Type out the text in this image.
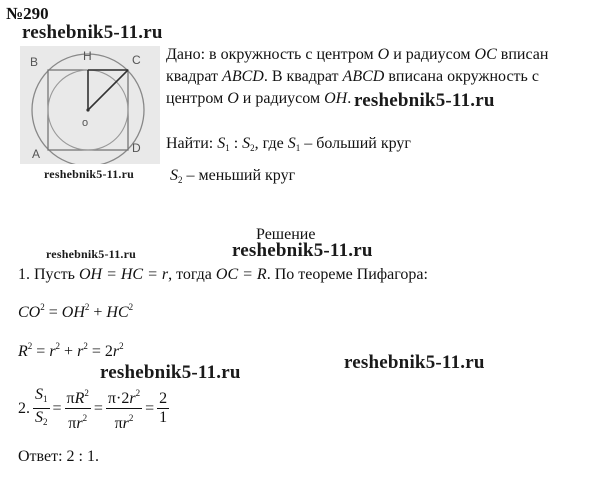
№290
reshebnik5-11.ru
reshebnik5-11.ru
reshebnik5-11.ru
reshebnik5-11.ru	reshebnik5-11.ru
reshebnik5-11.ru
reshebnik5-11.ru
B	H	C
o
A	D
Дано: в окружность с центром O и радиусом OC вписан
квадрат ABCD. В квадрат ABCD вписана окружность с
центром O и радиусом OH.
Найти: $S_1$ : $S_2$, где $S_1$ – больший круг
$S_2$ – меньший круг
Решение
1. Пусть OH = HC = r, тогда OC = R. По теореме Пифагора:
$CO^2 = OH^2 + HC^2$
$R^2 = r^2 + r^2 = 2r^2$
2. $\frac{S_1}{S_2} = \frac{\pi R^2}{\pi r^2} = \frac{\pi\cdot 2r^2}{\pi r^2} = \frac{2}{1}$
Ответ: 2 : 1.
